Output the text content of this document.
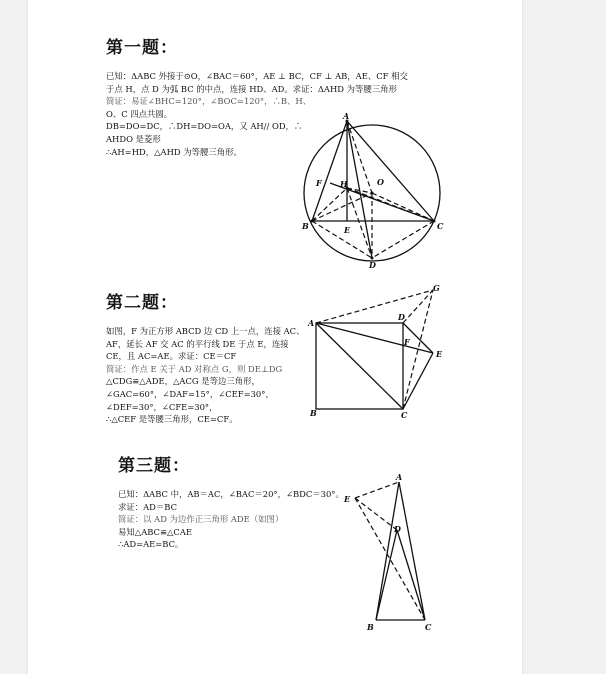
第一题：
已知：ΔABC 外接于⊙O，∠BAC＝60°，AE ⊥ BC，CF ⊥ AB，AE、CF 相交
于点 H，点 D 为弧 BC 的中点，连接 HD、AD。求证：ΔAHD 为等腰三角形
简证：易证∠BHC=120°，∠BOC=120°，∴B、H、
O、C 四点共圆。
DB=DO=DC，∴DH=DO=OA，又 AH// OD，∴
AHDO 是菱形
∴AH=HD，△AHD 为等腰三角形。
A
O
F H
B	E	C
D
第二题：
如图，F 为正方形 ABCD 边 CD 上一点，连接 AC、
AF，延长 AF 交 AC 的平行线 DE 于点 E，连接
CE，且 AC=AE。求证：CE＝CF
简证：作点 E 关于 AD 对称点 G，则 DE⊥DG
△CDG≌△ADE，△ACG 是等边三角形，
∠GAC=60°，∠DAF=15°，∠CEF=30°，
∠DEF=30°，∠CFE=30°，
∴△CEF 是等腰三角形，CE=CF。
G
A
D
F
E
B	C
第三题：
已知：ΔABC 中，AB＝AC，∠BAC＝20°，∠BDC＝30°。
求证：AD＝BC
简证：以 AD 为边作正三角形 ADE（如图）
易知△ABC≌△CAE
∴AD=AE=BC。
A
E
D
B	C
